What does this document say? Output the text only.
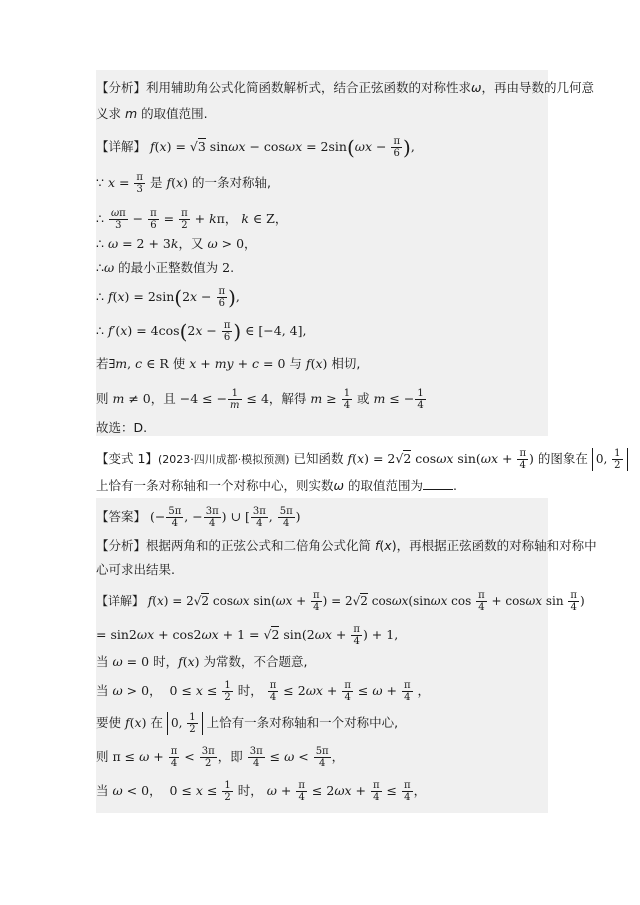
【分析】利用辅助角公式化简函数解析式，结合正弦函数的对称性求ω，再由导数的几何意
义求 m 的取值范围.
【详解】 f(x) = √3 $\sin\omega x - \cos\omega x = 2\sin(\omega x - \frac{\pi}{6}$ ),
∵ $x = \frac{\pi}{3}$ 是 f(x) 的一条对称轴,
∴ $\frac{\omega\pi}{3} - \frac{\pi}{6} = \frac{\pi}{2} + k\pi$， k ∈ Z，
∴ ω = 2 + 3k，又 ω > 0，
∴ω 的最小正整数值为 2.
∴ $f(x) = 2\sin(2x - \frac{\pi}{6}$ ),
∴ $f'(x) = 4\cos(2x - \frac{\pi}{6}$ ) ∈ [−4, 4],
若∃m, c ∈ R 使 x + my + c = 0 与 f(x) 相切,
则 m ≠ 0，且 −4 ≤ − $\frac{1}{m} \le 4$，解得 $m \ge \frac{1}{4}$ 或 m ≤ − $\frac{1}{4}$
故选：D.
【变式 1】(2023·四川成都·模拟预测) 已知函数 f(x) = 2√2 cosωx $\sin(\omega x + \frac{\pi}{4}$ ) 的图象在 0, $\frac{1}{2}$
上恰有一条对称轴和一个对称中心，则实数ω 的取值范围为 .
【答案】 (− $\frac{5\pi}{4}$ , − $\frac{3\pi}{4}$ ) ∪ [ $\frac{3\pi}{4}$ , $\frac{5\pi}{4}$ )
【分析】根据两角和的正弦公式和二倍角公式化简 f(x)，再根据正弦函数的对称轴和对称中
心可求出结果.
【详解】 f(x) = 2√2 cosωx $\sin(\omega x + \frac{\pi}{4}$ ) = 2√2 cosωx(sinωx $\cos \frac{\pi}{4} + \cos\omega x$ $\sin \frac{\pi}{4}$ )
= sin2ωx + cos2ωx + 1 = √2 $\sin(2\omega x + \frac{\pi}{4}$ ) + 1,
当 ω = 0 时，f(x) 为常数，不合题意,
当 ω > 0，  $0 \le x \le \frac{1}{2}$ 时， $\frac{\pi}{4} \le 2\omega x + \frac{\pi}{4} \le \omega + \frac{\pi}{4}$ ，
要使 f(x) 在 0, $\frac{1}{2}$ 上恰有一条对称轴和一个对称中心,
则 $\pi \le \omega + \frac{\pi}{4} < \frac{3\pi}{2}$ ，即 $\frac{3\pi}{4} \le \omega < \frac{5\pi}{4}$ ，
当 ω < 0，  $0 \le x \le \frac{1}{2}$ 时， $\omega + \frac{\pi}{4} \le 2\omega x + \frac{\pi}{4} \le \frac{\pi}{4}$ ，
